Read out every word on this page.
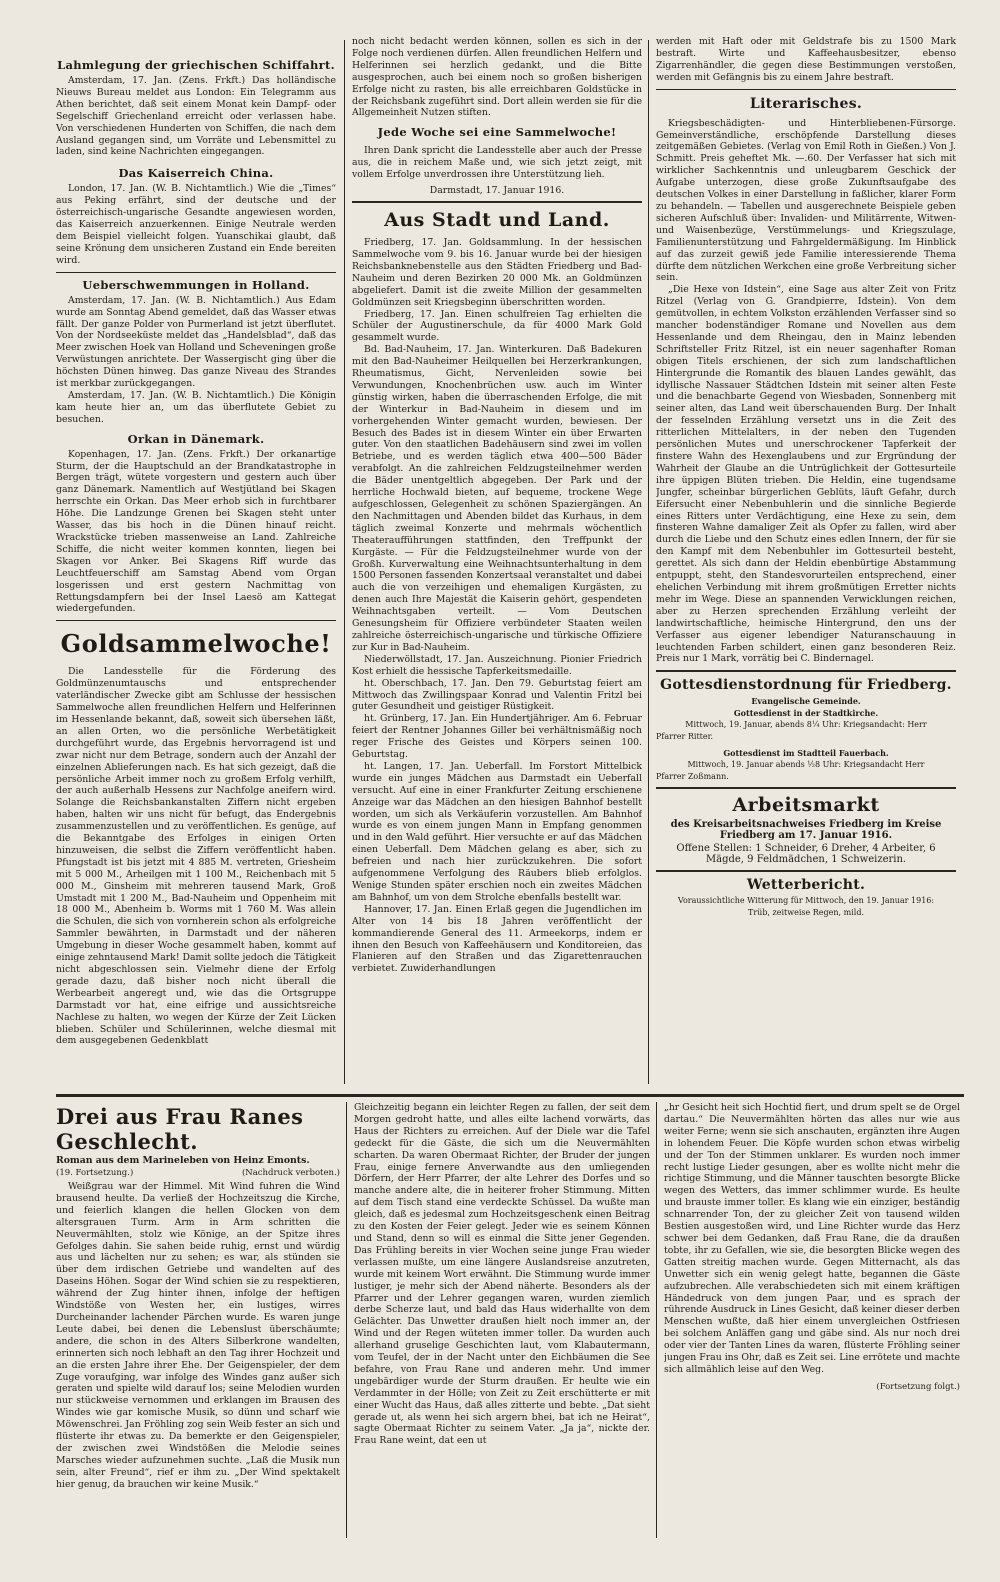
Lahmlegung der griechischen Schiffahrt.

Amsterdam, 17. Jan. (Zens. Frkft.) Das holländische Nieuws Bureau meldet aus London: Ein Telegramm aus Athen berichtet, daß seit einem Monat kein Dampf- oder Segelschiff Griechenland erreicht oder verlassen habe. Von verschiedenen Hunderten von Schiffen, die nach dem Ausland gegangen sind, um Vorräte und Lebensmittel zu laden, sind keine Nachrichten eingegangen.

Das Kaiserreich China.

London, 17. Jan. (W. B. Nichtamtlich.) Wie die „Times“ aus Peking erfährt, sind der deutsche und der österreichisch-ungarische Gesandte angewiesen worden, das Kaiserreich anzuerkennen. Einige Neutrale werden dem Beispiel vielleicht folgen. Yuanschikai glaubt, daß seine Krönung dem unsicheren Zustand ein Ende bereiten wird.

Ueberschwemmungen in Holland.

Amsterdam, 17. Jan. (W. B. Nichtamtlich.) Aus Edam wurde am Sonntag Abend gemeldet, daß das Wasser etwas fällt. Der ganze Polder von Purmerland ist jetzt überflutet. Von der Nordseeküste meldet das „Handelsblad“, daß das Meer zwischen Hoek van Holland und Scheveningen große Verwüstungen anrichtete. Der Wassergischt ging über die höchsten Dünen hinweg. Das ganze Niveau des Strandes ist merkbar zurückgegangen.

Amsterdam, 17. Jan. (W. B. Nichtamtlich.) Die Königin kam heute hier an, um das überflutete Gebiet zu besuchen.

Orkan in Dänemark.

Kopenhagen, 17. Jan. (Zens. Frkft.) Der orkanartige Sturm, der die Hauptschuld an der Brandkatastrophe in Bergen trägt, wütete vorgestern und gestern auch über ganz Dänemark. Namentlich auf Westjütland bei Skagen herrschte ein Orkan. Das Meer erhob sich in furchtbarer Höhe. Die Landzunge Grenen bei Skagen steht unter Wasser, das bis hoch in die Dünen hinauf reicht. Wrackstücke trieben massenweise an Land. Zahlreiche Schiffe, die nicht weiter kommen konnten, liegen bei Skagen vor Anker. Bei Skagens Riff wurde das Leuchtfeuerschiff am Samstag Abend vom Organ losgerissen und erst gestern Nachmittag von Rettungsdampfern bei der Insel Laesö am Kattegat wiedergefunden.

Goldsammelwoche!

Die Landesstelle für die Förderung des Goldmünzenumtauschs und entsprechender vaterländischer Zwecke gibt am Schlusse der hessischen Sammelwoche allen freundlichen Helfern und Helferinnen im Hessenlande bekannt, daß, soweit sich übersehen läßt, an allen Orten, wo die persönliche Werbetätigkeit durchgeführt wurde, das Ergebnis hervorragend ist und zwar nicht nur dem Betrage, sondern auch der Anzahl der einzelnen Ablieferungen nach. Es hat sich gezeigt, daß die persönliche Arbeit immer noch zu großem Erfolg verhilft, der auch außerhalb Hessens zur Nachfolge aneifern wird. Solange die Reichsbankanstalten Ziffern nicht ergeben haben, halten wir uns nicht für befugt, das Endergebnis zusammenzustellen und zu veröffentlichen. Es genüge, auf die Bekanntgabe des Erfolges in einigen Orten hinzuweisen, die selbst die Ziffern veröffentlicht haben. Pfungstadt ist bis jetzt mit 4 885 M. vertreten, Griesheim mit 5 000 M., Arheilgen mit 1 100 M., Reichenbach mit 5 000 M., Ginsheim mit mehreren tausend Mark, Groß Umstadt mit 1 200 M., Bad-Nauheim und Oppenheim mit 18 000 M., Abenheim b. Worms mit 1 760 M. Was allein die Schulen, die sich von vornherein schon als erfolgreiche Sammler bewährten, in Darmstadt und der näheren Umgebung in dieser Woche gesammelt haben, kommt auf einige zehntausend Mark! Damit sollte jedoch die Tätigkeit nicht abgeschlossen sein. Vielmehr diene der Erfolg gerade dazu, daß bisher noch nicht überall die Werbearbeit angeregt und, wie das die Ortsgruppe Darmstadt vor hat, eine eifrige und aussichtsreiche Nachlese zu halten, wo wegen der Kürze der Zeit Lücken blieben. Schüler und Schülerinnen, welche diesmal mit dem ausgegebenen Gedenkblatt

noch nicht bedacht werden können, sollen es sich in der Folge noch verdienen dürfen. Allen freundlichen Helfern und Helferinnen sei herzlich gedankt, und die Bitte ausgesprochen, auch bei einem noch so großen bisherigen Erfolge nicht zu rasten, bis alle erreichbaren Goldstücke in der Reichsbank zugeführt sind. Dort allein werden sie für die Allgemeinheit Nutzen stiften.

Jede Woche sei eine Sammelwoche!

Ihren Dank spricht die Landesstelle aber auch der Presse aus, die in reichem Maße und, wie sich jetzt zeigt, mit vollem Erfolge unverdrossen ihre Unterstützung lieh.

Darmstadt, 17. Januar 1916.
Aus Stadt und Land.

Friedberg, 17. Jan. Goldsammlung. In der hessischen Sammelwoche vom 9. bis 16. Januar wurde bei der hiesigen Reichsbanknebenstelle aus den Städten Friedberg und Bad-Nauheim und deren Bezirken 20 000 Mk. an Goldmünzen abgeliefert. Damit ist die zweite Million der gesammelten Goldmünzen seit Kriegsbeginn überschritten worden.

Friedberg, 17. Jan. Einen schulfreien Tag erhielten die Schüler der Augustinerschule, da für 4000 Mark Gold gesammelt wurde.

Bd. Bad-Nauheim, 17. Jan. Winterkuren. Daß Badekuren mit den Bad-Nauheimer Heilquellen bei Herzerkrankungen, Rheumatismus, Gicht, Nervenleiden sowie bei Verwundungen, Knochenbrüchen usw. auch im Winter günstig wirken, haben die überraschenden Erfolge, die mit der Winterkur in Bad-Nauheim in diesem und im vorhergehenden Winter gemacht wurden, bewiesen. Der Besuch des Bades ist in diesem Winter ein über Erwarten guter. Von den staatlichen Badehäusern sind zwei im vollen Betriebe, und es werden täglich etwa 400—500 Bäder verabfolgt. An die zahlreichen Feldzugsteilnehmer werden die Bäder unentgeltlich abgegeben. Der Park und der herrliche Hochwald bieten, auf bequeme, trockene Wege aufgeschlossen, Gelegenheit zu schönen Spaziergängen. An den Nachmittagen und Abenden bildet das Kurhaus, in dem täglich zweimal Konzerte und mehrmals wöchentlich Theateraufführungen stattfinden, den Treffpunkt der Kurgäste. — Für die Feldzugsteilnehmer wurde von der Großh. Kurverwaltung eine Weihnachtsunterhaltung in dem 1500 Personen fassenden Konzertsaal veranstaltet und dabei auch die von verzeihigen und ehemaligen Kurgästen, zu denen auch Ihre Majestät die Kaiserin gehört, gespendeten Weihnachtsgaben verteilt. — Vom Deutschen Genesungsheim für Offiziere verbündeter Staaten weilen zahlreiche österreichisch-ungarische und türkische Offiziere zur Kur in Bad-Nauheim.

Niederwöllstadt, 17. Jan. Auszeichnung. Pionier Friedrich Kost erhielt die hessische Tapferkeitsmedaille.

ht. Oberschbach, 17. Jan. Den 79. Geburtstag feiert am Mittwoch das Zwillingspaar Konrad und Valentin Fritzl bei guter Gesundheit und geistiger Rüstigkeit.

ht. Grünberg, 17. Jan. Ein Hundertjähriger. Am 6. Februar feiert der Rentner Johannes Giller bei verhältnismäßig noch reger Frische des Geistes und Körpers seinen 100. Geburtstag.

ht. Langen, 17. Jan. Ueberfall. Im Forstort Mittelbick wurde ein junges Mädchen aus Darmstadt ein Ueberfall versucht. Auf eine in einer Frankfurter Zeitung erschienene Anzeige war das Mädchen an den hiesigen Bahnhof bestellt worden, um sich als Verkäuferin vorzustellen. Am Bahnhof wurde es von einem jungen Mann in Empfang genommen und in den Wald geführt. Hier versuchte er auf das Mädchen einen Ueberfall. Dem Mädchen gelang es aber, sich zu befreien und nach hier zurückzukehren. Die sofort aufgenommene Verfolgung des Räubers blieb erfolglos. Wenige Stunden später erschien noch ein zweites Mädchen am Bahnhof, um von dem Strolche ebenfalls bestellt war.

Hannover, 17. Jan. Einen Erlaß gegen die Jugendlichen im Alter von 14 bis 18 Jahren veröffentlicht der kommandierende General des 11. Armeekorps, indem er ihnen den Besuch von Kaffeehäusern und Konditoreien, das Flanieren auf den Straßen und das Zigarettenrauchen verbietet. Zuwiderhandlungen

werden mit Haft oder mit Geldstrafe bis zu 1500 Mark bestraft. Wirte und Kaffeehausbesitzer, ebenso Zigarrenhändler, die gegen diese Bestimmungen verstoßen, werden mit Gefängnis bis zu einem Jahre bestraft.

Literarisches.

Kriegsbeschädigten- und Hinterbliebenen-Fürsorge. Gemeinverständliche, erschöpfende Darstellung dieses zeitgemäßen Gebietes. (Verlag von Emil Roth in Gießen.) Von J. Schmitt. Preis geheftet Mk. —.60. Der Verfasser hat sich mit wirklicher Sachkenntnis und unleugbarem Geschick der Aufgabe unterzogen, diese große Zukunftsaufgabe des deutschen Volkes in einer Darstellung in faßlicher, klarer Form zu behandeln. — Tabellen und ausgerechnete Beispiele geben sicheren Aufschluß über: Invaliden- und Militärrente, Witwen- und Waisenbezüge, Verstümmelungs- und Kriegszulage, Familienunterstützung und Fahrgeldermäßigung. Im Hinblick auf das zurzeit gewiß jede Familie interessierende Thema dürfte dem nützlichen Werkchen eine große Verbreitung sicher sein.

„Die Hexe von Idstein“, eine Sage aus alter Zeit von Fritz Ritzel (Verlag von G. Grandpierre, Idstein). Von dem gemütvollen, in echtem Volkston erzählenden Verfasser sind so mancher bodenständiger Romane und Novellen aus dem Hessenlande und dem Rheingau, den in Mainz lebenden Schriftsteller Fritz Ritzel, ist ein neuer sagenhafter Roman obigen Titels erschienen, der sich zum landschaftlichen Hintergrunde die Romantik des blauen Landes gewählt, das idyllische Nassauer Städtchen Idstein mit seiner alten Feste und die benachbarte Gegend von Wiesbaden, Sonnenberg mit seiner alten, das Land weit überschauenden Burg. Der Inhalt der fesselnden Erzählung versetzt uns in die Zeit des ritterlichen Mittelalters, in der neben den Tugenden persönlichen Mutes und unerschrockener Tapferkeit der finstere Wahn des Hexenglaubens und zur Ergründung der Wahrheit der Glaube an die Untrüglichkeit der Gottesurteile ihre üppigen Blüten trieben. Die Heldin, eine tugendsame Jungfer, scheinbar bürgerlichen Geblüts, läuft Gefahr, durch Eifersucht einer Nebenbuhlerin und die sinnliche Begierde eines Ritters unter Verdächtigung, eine Hexe zu sein, dem finsteren Wahne damaliger Zeit als Opfer zu fallen, wird aber durch die Liebe und den Schutz eines edlen Innern, der für sie den Kampf mit dem Nebenbuhler im Gottesurteil besteht, gerettet. Als sich dann der Heldin ebenbürtige Abstammung entpuppt, steht, den Standesvorurteilen entsprechend, einer ehelichen Verbindung mit ihrem großmütigen Erretter nichts mehr im Wege. Diese an spannenden Verwicklungen reichen, aber zu Herzen sprechenden Erzählung verleiht der landwirtschaftliche, heimische Hintergrund, den uns der Verfasser aus eigener lebendiger Naturanschauung in leuchtenden Farben schildert, einen ganz besonderen Reiz. Preis nur 1 Mark, vorrätig bei C. Bindernagel.

Gottesdienstordnung für Friedberg.
Evangelische Gemeinde.
Gottesdienst in der Stadtkirche.
Mittwoch, 19. Januar, abends 8¼ Uhr: Kriegsandacht: Herr
Pfarrer Ritter.
Gottesdienst im Stadtteil Fauerbach.
Mittwoch, 19. Januar abends ½8 Uhr: Kriegsandacht Herr
Pfarrer Zoßmann.
Arbeitsmarkt
des Kreisarbeitsnachweises Friedberg im Kreise Friedberg am 17. Januar 1916.
Offene Stellen: 1 Schneider, 6 Dreher, 4 Arbeiter, 6 Mägde, 9 Feldmädchen, 1 Schweizerin.
Wetterbericht.
Voraussichtliche Witterung für Mittwoch, den 19. Januar 1916:
Trüb, zeitweise Regen, mild.
Drei aus Frau Ranes Geschlecht.
Roman aus dem Marineleben von Heinz Emonts.
(19. Fortsetzung.)	(Nachdruck verboten.)

Weißgrau war der Himmel. Mit Wind fuhren die Wind brausend heulte. Da verließ der Hochzeitszug die Kirche, und feierlich klangen die hellen Glocken von dem altersgrauen Turm. Arm in Arm schritten die Neuvermählten, stolz wie Könige, an der Spitze ihres Gefolges dahin. Sie sahen beide ruhig, ernst und würdig aus und lächelten nur zu sehen; es war, als stünden sie über dem irdischen Getriebe und wandelten auf des Daseins Höhen. Sogar der Wind schien sie zu respektieren, während der Zug hinter ihnen, infolge der heftigen Windstöße von Westen her, ein lustiges, wirres Durcheinander lachender Pärchen wurde. Es waren junge Leute dabei, bei denen die Lebenslust überschäumte; andere, die schon in des Alters Silberkrone wandelten, erinnerten sich noch lebhaft an den Tag ihrer Hochzeit und an die ersten Jahre ihrer Ehe. Der Geigenspieler, der dem Zuge voraufging, war infolge des Windes ganz außer sich geraten und spielte wild darauf los; seine Melodien wurden nur stückweise vernommen und erklangen im Brausen des Windes wie gar komische Musik, so dünn und scharf wie Möwenschrei. Jan Fröhling zog sein Weib fester an sich und flüsterte ihr etwas zu. Da bemerkte er den Geigenspieler, der zwischen zwei Windstößen die Melodie seines Marsches wieder aufzunehmen suchte. „Laß die Musik nun sein, alter Freund“, rief er ihm zu. „Der Wind spektakelt hier genug, da brauchen wir keine Musik.“

Gleichzeitig begann ein leichter Regen zu fallen, der seit dem Morgen gedroht hatte, und alles eilte lachend vorwärts, das Haus der Richters zu erreichen. Auf der Diele war die Tafel gedeckt für die Gäste, die sich um die Neuvermählten scharten. Da waren Obermaat Richter, der Bruder der jungen Frau, einige fernere Anverwandte aus den umliegenden Dörfern, der Herr Pfarrer, der alte Lehrer des Dorfes und so manche andere alte, die in heiterer froher Stimmung. Mitten auf dem Tisch stand eine verdeckte Schüssel. Da wußte man gleich, daß es jedesmal zum Hochzeitsgeschenk einen Beitrag zu den Kosten der Feier gelegt. Jeder wie es seinem Können und Stand, denn so will es einmal die Sitte jener Gegenden. Das Frühling bereits in vier Wochen seine junge Frau wieder verlassen mußte, um eine längere Auslandsreise anzutreten, wurde mit keinem Wort erwähnt. Die Stimmung wurde immer lustiger, je mehr sich der Abend näherte. Besonders als der Pfarrer und der Lehrer gegangen waren, wurden ziemlich derbe Scherze laut, und bald das Haus widerhallte von dem Gelächter. Das Unwetter draußen hielt noch immer an, der Wind und der Regen wüteten immer toller. Da wurden auch allerhand gruselige Geschichten laut, vom Klabautermann, vom Teufel, der in der Nacht unter den Eichbäumen die See befahre, von Frau Rane und anderen mehr. Und immer ungebärdiger wurde der Sturm draußen. Er heulte wie ein Verdammter in der Hölle; von Zeit zu Zeit erschütterte er mit einer Wucht das Haus, daß alles zitterte und bebte. „Dat sieht gerade ut, als wenn hei sich argern bhei, bat ich ne Heirat“, sagte Obermaat Richter zu seinem Vater. „Ja ja“, nickte der. Frau Rane weint, dat een ut

„hr Gesicht heit sich Hochtid fiert, und drum spelt se de Orgel dartau.“ Die Neuvermählten hörten das alles nur wie aus weiter Ferne; wenn sie sich anschauten, ergänzten ihre Augen in lohendem Feuer. Die Köpfe wurden schon etwas wirbelig und der Ton der Stimmen unklarer. Es wurden noch immer recht lustige Lieder gesungen, aber es wollte nicht mehr die richtige Stimmung, und die Männer tauschten besorgte Blicke wegen des Wetters, das immer schlimmer wurde. Es heulte und brauste immer toller. Es klang wie ein einziger, beständig schnarrender Ton, der zu gleicher Zeit von tausend wilden Bestien ausgestoßen wird, und Line Richter wurde das Herz schwer bei dem Gedanken, daß Frau Rane, die da draußen tobte, ihr zu Gefallen, wie sie, die besorgten Blicke wegen des Gatten streitig machen wurde. Gegen Mitternacht, als das Unwetter sich ein wenig gelegt hatte, begannen die Gäste aufzubrechen. Alle verabschiedeten sich mit einem kräftigen Händedruck von dem jungen Paar, und es sprach der rührende Ausdruck in Lines Gesicht, daß keiner dieser derben Menschen wußte, daß hier einem unvergleichen Ostfriesen bei solchem Anläffen gang und gäbe sind. Als nur noch drei oder vier der Tanten Lines da waren, flüsterte Fröhling seiner jungen Frau ins Ohr, daß es Zeit sei. Line errötete und machte sich allmählich leise auf den Weg.

(Fortsetzung folgt.)
